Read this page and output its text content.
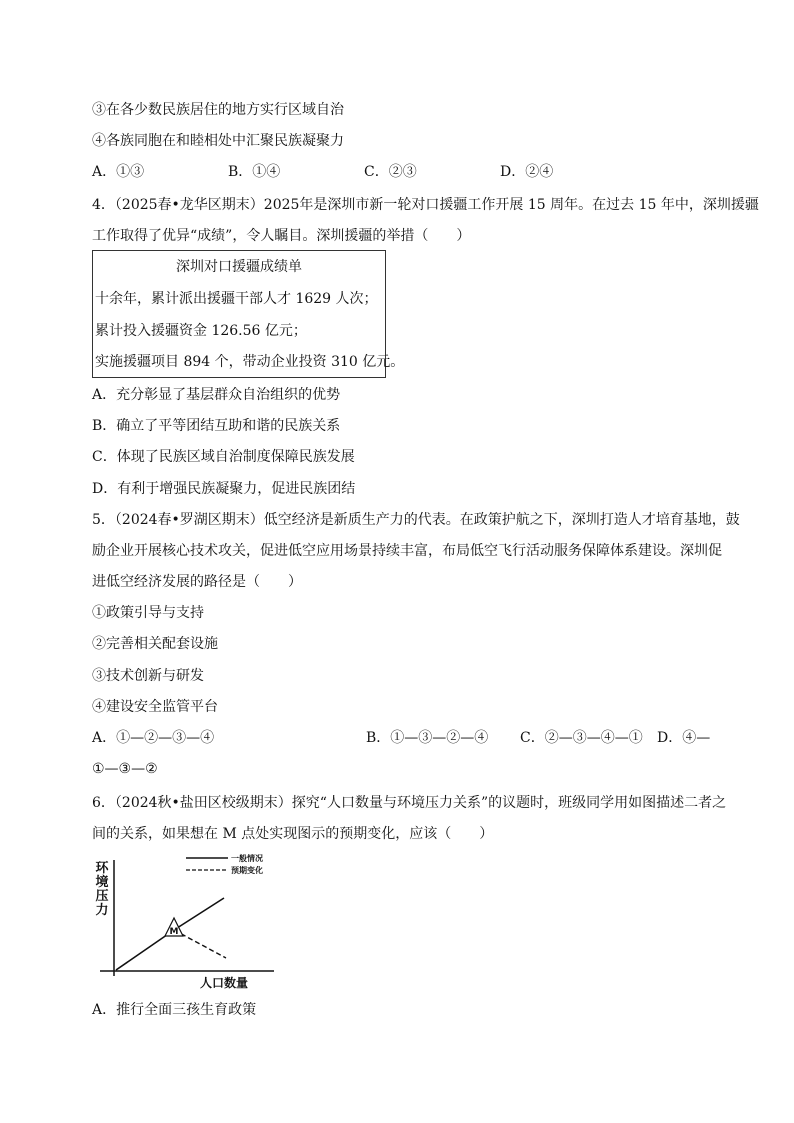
③在各少数民族居住的地方实行区域自治
④各族同胞在和睦相处中汇聚民族凝聚力
A．①③	B．①④	C．②③	D．②④
4．（2025春•龙华区期末）2025年是深圳市新一轮对口援疆工作开展 15 周年。在过去 15 年中，深圳援疆
工作取得了优异“成绩”，令人瞩目。深圳援疆的举措（　　）
深圳对口援疆成绩单
十余年，累计派出援疆干部人才 1629 人次；
累计投入援疆资金 126.56 亿元；
实施援疆项目 894 个，带动企业投资 310 亿元。
A．充分彰显了基层群众自治组织的优势
B．确立了平等团结互助和谐的民族关系
C．体现了民族区域自治制度保障民族发展
D．有利于增强民族凝聚力，促进民族团结
5．（2024春•罗湖区期末）低空经济是新质生产力的代表。在政策护航之下，深圳打造人才培育基地，鼓
励企业开展核心技术攻关，促进低空应用场景持续丰富，布局低空飞行活动服务保障体系建设。深圳促
进低空经济发展的路径是（　　）
①政策引导与支持
②完善相关配套设施
③技术创新与研发
④建设安全监管平台
A．①—②—③—④	B．①—③—②—④ C．②—③—④—① D．④—
①—③—②
6．（2024秋•盐田区校级期末）探究“人口数量与环境压力关系”的议题时，班级同学用如图描述二者之
间的关系，如果想在 M 点处实现图示的预期变化，应该（　　）
环境压力
一般情况
预期变化
M
人口数量
A．推行全面三孩生育政策
